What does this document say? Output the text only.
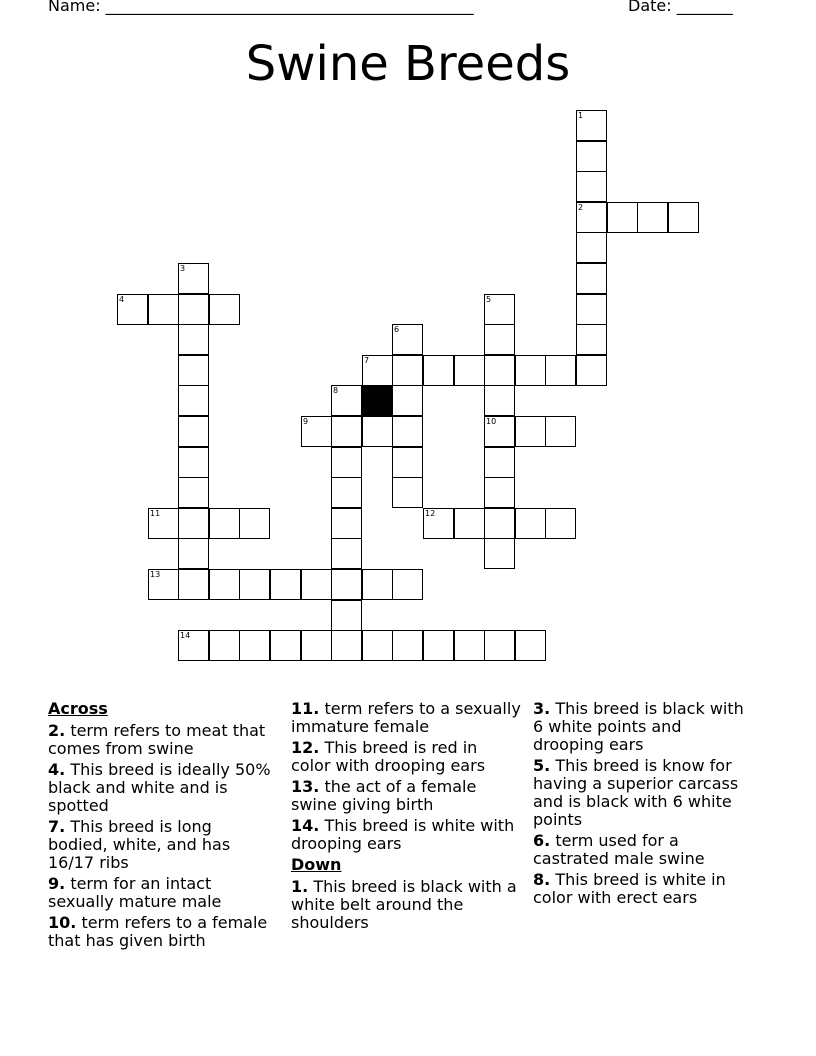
Name: ______________________________________________	Date: _______
Swine Breeds
1
2
3
4	5
10
6
7
8
9
11	12
13
14
Across
2. term refers to meat that comes from swine
4. This breed is ideally 50% black and white and is spotted
7. This breed is long bodied, white, and has 16/17 ribs
9. term for an intact sexually mature male
10. term refers to a female that has given birth
11. term refers to a sexually immature female
12. This breed is red in color with drooping ears
13. the act of a female swine giving birth
14. This breed is white with drooping ears
Down
1. This breed is black with a white belt around the shoulders
3. This breed is black with 6 white points and drooping ears
5. This breed is know for having a superior carcass and is black with 6 white points
6. term used for a castrated male swine
8. This breed is white in color with erect ears
